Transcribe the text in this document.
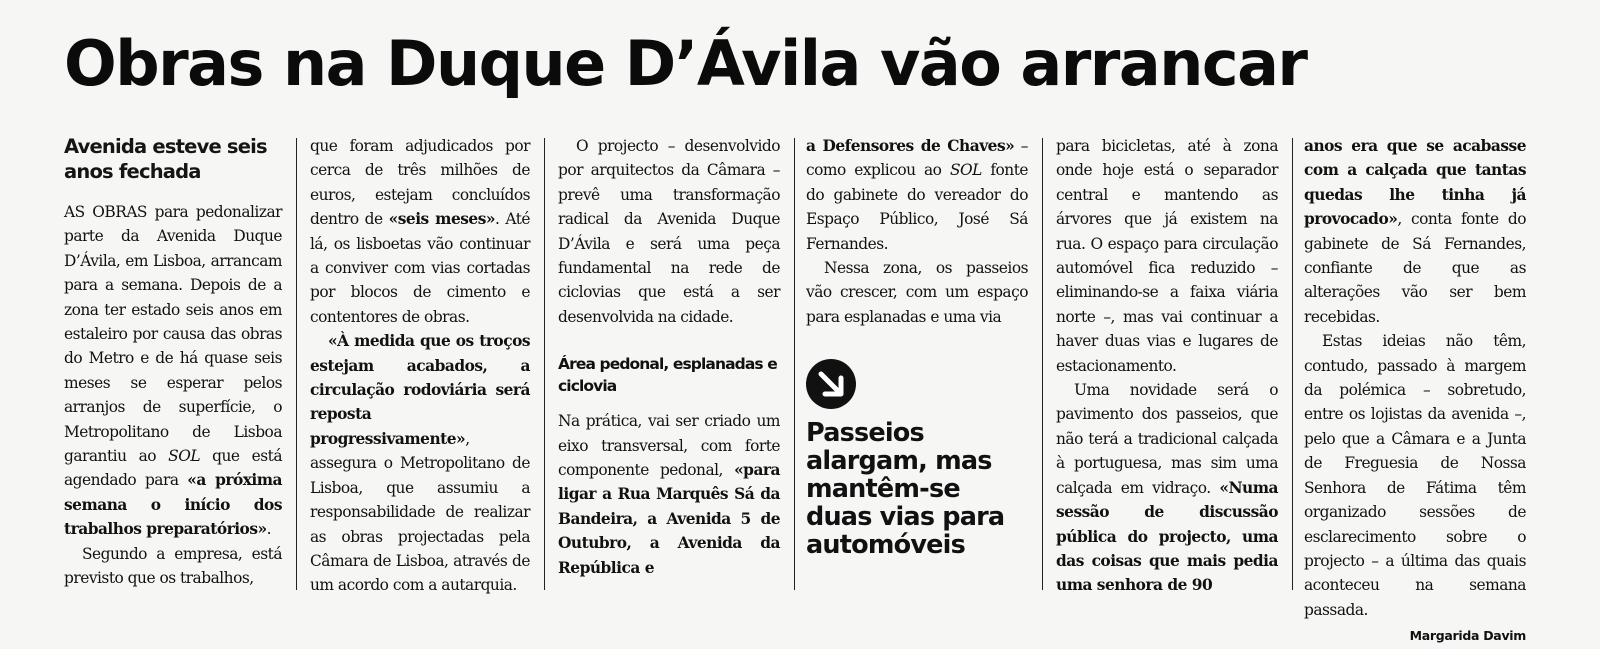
Obras na Duque D’Ávila vão arrancar
Avenida esteve seis anos fechada

AS OBRAS para pedonalizar parte da Avenida Duque D’Ávila, em Lisboa, arrancam para a semana. Depois de a zona ter estado seis anos em estaleiro por causa das obras do Metro e de há quase seis meses se esperar pelos arranjos de superfície, o Metropolitano de Lisboa garantiu ao SOL que está agendado para «a próxima semana o início dos trabalhos preparatórios».

Segundo a empresa, está previsto que os trabalhos,

que foram adjudicados por cerca de três milhões de euros, estejam concluídos dentro de «seis meses». Até lá, os lisboetas vão continuar a conviver com vias cortadas por blocos de cimento e contentores de obras.

«À medida que os troços estejam acabados, a circulação rodoviária será reposta progressivamente», assegura o Metropolitano de Lisboa, que assumiu a responsabilidade de realizar as obras projectadas pela Câmara de Lisboa, através de um acordo com a autarquia.

O projecto – desenvolvido por arquitectos da Câmara – prevê uma transformação radical da Avenida Duque D’Ávila e será uma peça fundamental na rede de ciclovias que está a ser desenvolvida na cidade.

Área pedonal, esplanadas e ciclovia

Na prática, vai ser criado um eixo transversal, com forte componente pedonal, «para ligar a Rua Marquês Sá da Bandeira, a Avenida 5 de Outubro, a Avenida da República e

a Defensores de Chaves» – como explicou ao SOL fonte do gabinete do vereador do Espaço Público, José Sá Fernandes.

Nessa zona, os passeios vão crescer, com um espaço para esplanadas e uma via

Passeios alargam, mas mantêm-se duas vias para automóveis

para bicicletas, até à zona onde hoje está o separador central e mantendo as árvores que já existem na rua. O espaço para circulação automóvel fica reduzido – eliminando-se a faixa viária norte –, mas vai continuar a haver duas vias e lugares de estacionamento.

Uma novidade será o pavimento dos passeios, que não terá a tradicional calçada à portuguesa, mas sim uma calçada em vidraço. «Numa sessão de discussão pública do projecto, uma das coisas que mais pedia uma senhora de 90

anos era que se acabasse com a calçada que tantas quedas lhe tinha já provocado», conta fonte do gabinete de Sá Fernandes, confiante de que as alterações vão ser bem recebidas.

Estas ideias não têm, contudo, passado à margem da polémica – sobretudo, entre os lojistas da avenida –, pelo que a Câmara e a Junta de Freguesia de Nossa Senhora de Fátima têm organizado sessões de esclarecimento sobre o projecto – a última das quais aconteceu na semana passada.

Margarida Davim
